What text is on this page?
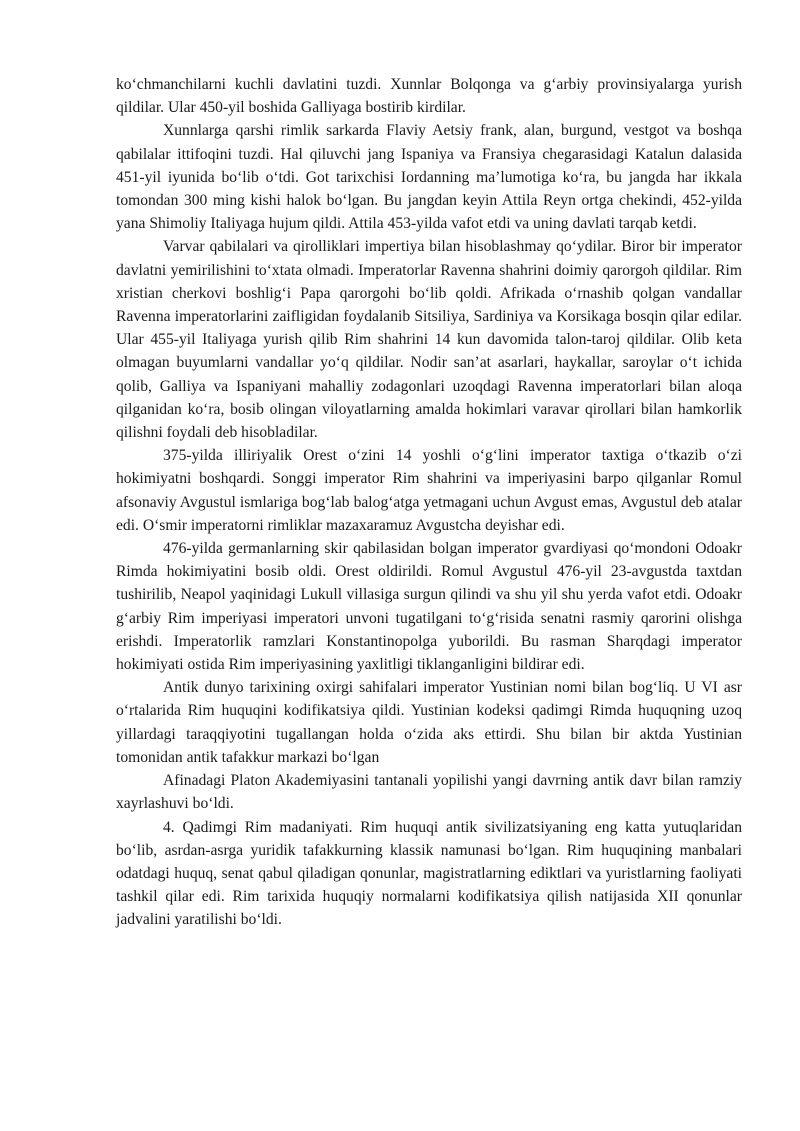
ko‘chmanchilarni kuchli davlatini tuzdi. Xunnlar Bolqonga va g‘arbiy provinsiyalarga yurish qildilar. Ular 450-yil boshida Galliyaga bostirib kirdilar.

Xunnlarga qarshi rimlik sarkarda Flaviy Aetsiy frank, alan, burgund, vestgot va boshqa qabilalar ittifoqini tuzdi. Hal qiluvchi jang Ispaniya va Fransiya chegarasidagi Katalun dalasida 451-yil iyunida bo‘lib o‘tdi. Got tarixchisi Iordanning ma’lumotiga ko‘ra, bu jangda har ikkala tomondan 300 ming kishi halok bo‘lgan. Bu jangdan keyin Attila Reyn ortga chekindi, 452-yilda yana Shimoliy Italiyaga hujum qildi. Attila 453-yilda vafot etdi va uning davlati tarqab ketdi.

Varvar qabilalari va qirolliklari impertiya bilan hisoblashmay qo‘ydilar. Biror bir imperator davlatni yemirilishini to‘xtata olmadi. Imperatorlar Ravenna shahrini doimiy qarorgoh qildilar. Rim xristian cherkovi boshlig‘i Papa qarorgohi bo‘lib qoldi. Afrikada o‘rnashib qolgan vandallar Ravenna imperatorlarini zaifligidan foydalanib Sitsiliya, Sardiniya va Korsikaga bosqin qilar edilar. Ular 455-yil Italiyaga yurish qilib Rim shahrini 14 kun davomida talon-taroj qildilar. Olib keta olmagan buyumlarni vandallar yo‘q qildilar. Nodir san’at asarlari, haykallar, saroylar o‘t ichida qolib, Galliya va Ispaniyani mahalliy zodagonlari uzoqdagi Ravenna imperatorlari bilan aloqa qilganidan ko‘ra, bosib olingan viloyatlarning amalda hokimlari varavar qirollari bilan hamkorlik qilishni foydali deb hisobladilar.

375-yilda illiriyalik Orest o‘zini 14 yoshli o‘g‘lini imperator taxtiga o‘tkazib o‘zi hokimiyatni boshqardi. Songgi imperator Rim shahrini va imperiyasini barpo qilganlar Romul afsonaviy Avgustul ismlariga bog‘lab balog‘atga yetmagani uchun Avgust emas, Avgustul deb atalar edi. O‘smir imperatorni rimliklar mazaxaramuz Avgustcha deyishar edi.

476-yilda germanlarning skir qabilasidan bolgan imperator gvardiyasi qo‘mondoni Odoakr Rimda hokimiyatini bosib oldi. Orest oldirildi. Romul Avgustul 476-yil 23-avgustda taxtdan tushirilib, Neapol yaqinidagi Lukull villasiga surgun qilindi va shu yil shu yerda vafot etdi. Odoakr g‘arbiy Rim imperiyasi imperatori unvoni tugatilgani to‘g‘risida senatni rasmiy qarorini olishga erishdi. Imperatorlik ramzlari Konstantinopolga yuborildi. Bu rasman Sharqdagi imperator hokimiyati ostida Rim imperiyasining yaxlitligi tiklanganligini bildirar edi.

Antik dunyo tarixining oxirgi sahifalari imperator Yustinian nomi bilan bog‘liq. U VI asr o‘rtalarida Rim huquqini kodifikatsiya qildi. Yustinian kodeksi qadimgi Rimda huquqning uzoq yillardagi taraqqiyotini tugallangan holda o‘zida aks ettirdi. Shu bilan bir aktda Yustinian tomonidan antik tafakkur markazi bo‘lgan

Afinadagi Platon Akademiyasini tantanali yopilishi yangi davrning antik davr bilan ramziy xayrlashuvi bo‘ldi.

4. Qadimgi Rim madaniyati. Rim huquqi antik sivilizatsiyaning eng katta yutuqlaridan bo‘lib, asrdan-asrga yuridik tafakkurning klassik namunasi bo‘lgan. Rim huquqining manbalari odatdagi huquq, senat qabul qiladigan qonunlar, magistratlarning ediktlari va yuristlarning faoliyati tashkil qilar edi. Rim tarixida huquqiy normalarni kodifikatsiya qilish natijasida XII qonunlar jadvalini yaratilishi bo‘ldi.
